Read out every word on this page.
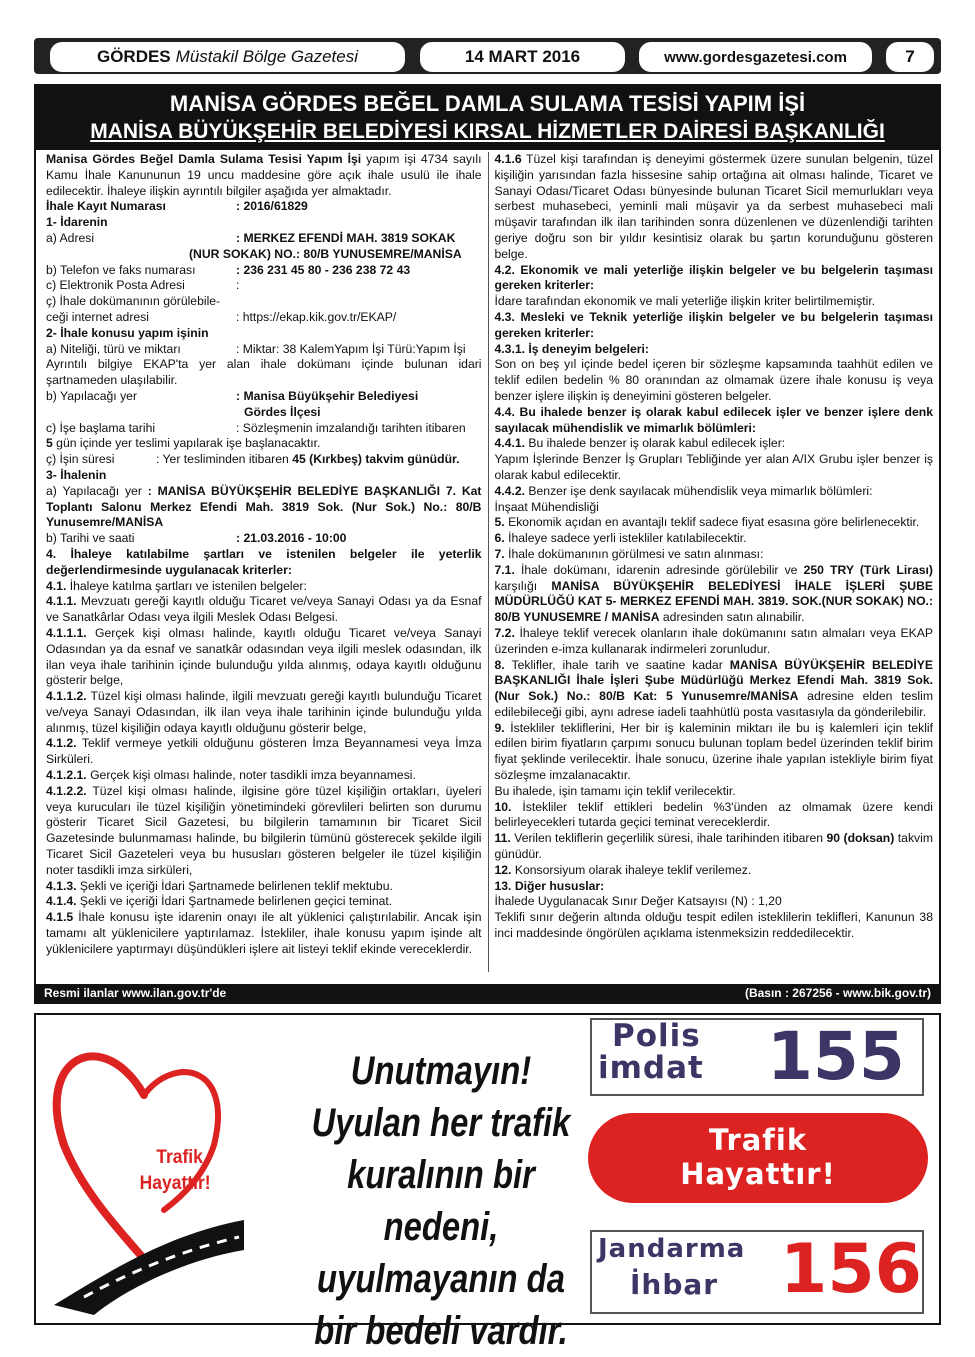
GÖRDES Müstakil Bölge Gazetesi	14 MART 2016	www.gordesgazetesi.com	7
MANİSA GÖRDES BEĞEL DAMLA SULAMA TESİSİ YAPIM İŞİ
MANİSA BÜYÜKŞEHİR BELEDİYESİ KIRSAL HİZMETLER DAİRESİ BAŞKANLIĞI

Manisa Gördes Beğel Damla Sulama Tesisi Yapım İşi yapım işi 4734 sayılı Kamu İhale Kanununun 19 uncu maddesine göre açık ihale usulü ile ihale edilecektir. İhaleye ilişkin ayrıntılı bilgiler aşağıda yer almaktadır.

İhale Kayıt Numarası	: 2016/61829

1- İdarenin

a) Adresi	: MERKEZ EFENDİ MAH. 3819 SOKAK

(NUR SOKAK) NO.: 80/B YUNUSEMRE/MANİSA

b) Telefon ve faks numarası	: 236 231 45 80 - 236 238 72 43
c) Elektronik Posta Adresi	:

ç) İhale dokümanının görülebile-

ceği internet adresi	: https://ekap.kik.gov.tr/EKAP/

2- İhale konusu yapım işinin

a) Niteliği, türü ve miktarı	: Miktar: 38 KalemYapım İşi Türü:Yapım İşi

Ayrıntılı bilgiye EKAP'ta yer alan ihale dokümanı içinde bulunan idari şartnameden ulaşılabilir.

b) Yapılacağı yer	: Manisa Büyükşehir Belediyesi

Gördes İlçesi

c) İşe başlama tarihi	: Sözleşmenin imzalandığı tarihten itibaren

5 gün içinde yer teslimi yapılarak işe başlanacaktır.

ç) İşin süresi	: Yer tesliminden itibaren 45 (Kırkbeş) takvim günüdür.

3- İhalenin

a) Yapılacağı yer : MANİSA BÜYÜKŞEHİR BELEDİYE BAŞKANLIĞI 7. Kat Toplantı Salonu Merkez Efendi Mah. 3819 Sok. (Nur Sok.) No.: 80/B Yunusemre/MANİSA

b) Tarihi ve saati	: 21.03.2016 - 10:00

4. İhaleye katılabilme şartları ve istenilen belgeler ile yeterlik değerlendirmesinde uygulanacak kriterler:

4.1. İhaleye katılma şartları ve istenilen belgeler:

4.1.1. Mevzuatı gereği kayıtlı olduğu Ticaret ve/veya Sanayi Odası ya da Esnaf ve Sanatkârlar Odası veya ilgili Meslek Odası Belgesi.

4.1.1.1. Gerçek kişi olması halinde, kayıtlı olduğu Ticaret ve/veya Sanayi Odasından ya da esnaf ve sanatkâr odasından veya ilgili meslek odasından, ilk ilan veya ihale tarihinin içinde bulunduğu yılda alınmış, odaya kayıtlı olduğunu gösterir belge,

4.1.1.2. Tüzel kişi olması halinde, ilgili mevzuatı gereği kayıtlı bulunduğu Ticaret ve/veya Sanayi Odasından, ilk ilan veya ihale tarihinin içinde bulunduğu yılda alınmış, tüzel kişiliğin odaya kayıtlı olduğunu gösterir belge,

4.1.2. Teklif vermeye yetkili olduğunu gösteren İmza Beyannamesi veya İmza Sirküleri.

4.1.2.1. Gerçek kişi olması halinde, noter tasdikli imza beyannamesi.

4.1.2.2. Tüzel kişi olması halinde, ilgisine göre tüzel kişiliğin ortakları, üyeleri veya kurucuları ile tüzel kişiliğin yönetimindeki görevlileri belirten son durumu gösterir Ticaret Sicil Gazetesi, bu bilgilerin tamamının bir Ticaret Sicil Gazetesinde bulunmaması halinde, bu bilgilerin tümünü gösterecek şekilde ilgili Ticaret Sicil Gazeteleri veya bu hususları gösteren belgeler ile tüzel kişiliğin noter tasdikli imza sirküleri,

4.1.3. Şekli ve içeriği İdari Şartnamede belirlenen teklif mektubu.

4.1.4. Şekli ve içeriği İdari Şartnamede belirlenen geçici teminat.

4.1.5 İhale konusu işte idarenin onayı ile alt yüklenici çalıştırılabilir. Ancak işin tamamı alt yüklenicilere yaptırılamaz. İstekliler, ihale konusu yapım işinde alt yüklenicilere yaptırmayı düşündükleri işlere ait listeyi teklif ekinde vereceklerdir.

4.1.6 Tüzel kişi tarafından iş deneyimi göstermek üzere sunulan belgenin, tüzel kişiliğin yarısından fazla hissesine sahip ortağına ait olması halinde, Ticaret ve Sanayi Odası/Ticaret Odası bünyesinde bulunan Ticaret Sicil memurlukları veya serbest muhasebeci, yeminli mali müşavir ya da serbest muhasebeci mali müşavir tarafından ilk ilan tarihinden sonra düzenlenen ve düzenlendiği tarihten geriye doğru son bir yıldır kesintisiz olarak bu şartın korunduğunu gösteren belge.

4.2. Ekonomik ve mali yeterliğe ilişkin belgeler ve bu belgelerin taşıması gereken kriterler:

İdare tarafından ekonomik ve mali yeterliğe ilişkin kriter belirtilmemiştir.

4.3. Mesleki ve Teknik yeterliğe ilişkin belgeler ve bu belgelerin taşıması gereken kriterler:

4.3.1. İş deneyim belgeleri:

Son on beş yıl içinde bedel içeren bir sözleşme kapsamında taahhüt edilen ve teklif edilen bedelin % 80 oranından az olmamak üzere ihale konusu iş veya benzer işlere ilişkin iş deneyimini gösteren belgeler.

4.4. Bu ihalede benzer iş olarak kabul edilecek işler ve benzer işlere denk sayılacak mühendislik ve mimarlık bölümleri:

4.4.1. Bu ihalede benzer iş olarak kabul edilecek işler:

Yapım İşlerinde Benzer İş Grupları Tebliğinde yer alan A/IX Grubu işler benzer iş olarak kabul edilecektir.

4.4.2. Benzer işe denk sayılacak mühendislik veya mimarlık bölümleri:

İnşaat Mühendisliği

5. Ekonomik açıdan en avantajlı teklif sadece fiyat esasına göre belirlenecektir.

6. İhaleye sadece yerli istekliler katılabilecektir.

7. İhale dokümanının görülmesi ve satın alınması:

7.1. İhale dokümanı, idarenin adresinde görülebilir ve 250 TRY (Türk Lirası) karşılığı MANİSA BÜYÜKŞEHİR BELEDİYESİ İHALE İŞLERİ ŞUBE MÜDÜRLÜĞÜ KAT 5- MERKEZ EFENDİ MAH. 3819. SOK.(NUR SOKAK) NO.: 80/B YUNUSEMRE / MANİSA adresinden satın alınabilir.

7.2. İhaleye teklif verecek olanların ihale dokümanını satın almaları veya EKAP üzerinden e-imza kullanarak indirmeleri zorunludur.

8. Teklifler, ihale tarih ve saatine kadar MANİSA BÜYÜKŞEHİR BELEDİYE BAŞKANLIĞI İhale İşleri Şube Müdürlüğü Merkez Efendi Mah. 3819 Sok. (Nur Sok.) No.: 80/B Kat: 5 Yunusemre/MANİSA adresine elden teslim edilebileceği gibi, aynı adrese iadeli taahhütlü posta vasıtasıyla da gönderilebilir.

9. İstekliler tekliflerini, Her bir iş kaleminin miktarı ile bu iş kalemleri için teklif edilen birim fiyatların çarpımı sonucu bulunan toplam bedel üzerinden teklif birim fiyat şeklinde verilecektir. İhale sonucu, üzerine ihale yapılan istekliyle birim fiyat sözleşme imzalanacaktır.

Bu ihalede, işin tamamı için teklif verilecektir.

10. İstekliler teklif ettikleri bedelin %3'ünden az olmamak üzere kendi belirleyecekleri tutarda geçici teminat vereceklerdir.

11. Verilen tekliflerin geçerlilik süresi, ihale tarihinden itibaren 90 (doksan) takvim günüdür.

12. Konsorsiyum olarak ihaleye teklif verilemez.

13. Diğer hususlar:

İhalede Uygulanacak Sınır Değer Katsayısı (N) : 1,20

Teklifi sınır değerin altında olduğu tespit edilen isteklilerin teklifleri, Kanunun 38 inci maddesinde öngörülen açıklama istenmeksizin reddedilecektir.

Resmi ilanlar www.ilan.gov.tr'de	(Basın : 267256 - www.bik.gov.tr)
Trafik
Hayattır!
Unutmayın!
Uyulan her trafik
kuralının bir nedeni,
uyulmayanın da
bir bedeli vardır.
Polis
imdat 155
Trafik
Hayattır!
Jandarma
İhbar 156
